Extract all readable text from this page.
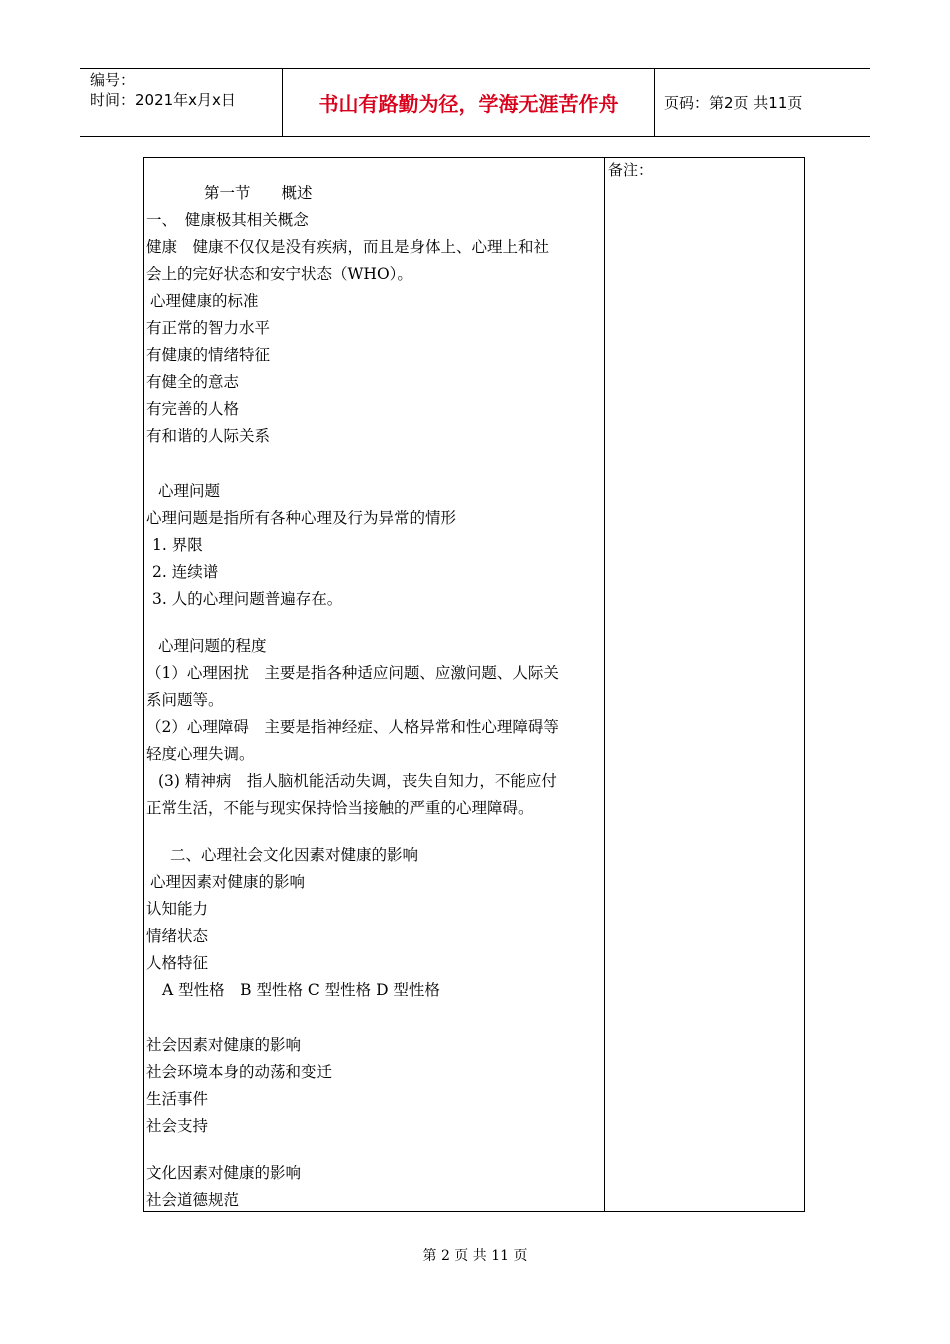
编号：
时间：2021年x月x日	书山有路勤为径，学海无涯苦作舟	页码：第2页 共11页
备注：
第一节　　概述
一、　健康极其相关概念
健康　健康不仅仅是没有疾病，而且是身体上、心理上和社
会上的完好状态和安宁状态（WHO）。
心理健康的标准
有正常的智力水平
有健康的情绪特征
有健全的意志
有完善的人格
有和谐的人际关系
心理问题
心理问题是指所有各种心理及行为异常的情形
1. 界限
2. 连续谱
3. 人的心理问题普遍存在。
心理问题的程度
（1）心理困扰　主要是指各种适应问题、应激问题、人际关
系问题等。
（2）心理障碍　主要是指神经症、人格异常和性心理障碍等
轻度心理失调。
(3) 精神病　指人脑机能活动失调，丧失自知力，不能应付
正常生活，不能与现实保持恰当接触的严重的心理障碍。
二、心理社会文化因素对健康的影响
心理因素对健康的影响
认知能力
情绪状态
人格特征
A 型性格　B 型性格 C 型性格 D 型性格
社会因素对健康的影响
社会环境本身的动荡和变迁
生活事件
社会支持
文化因素对健康的影响
社会道德规范
第 2 页 共 11 页
